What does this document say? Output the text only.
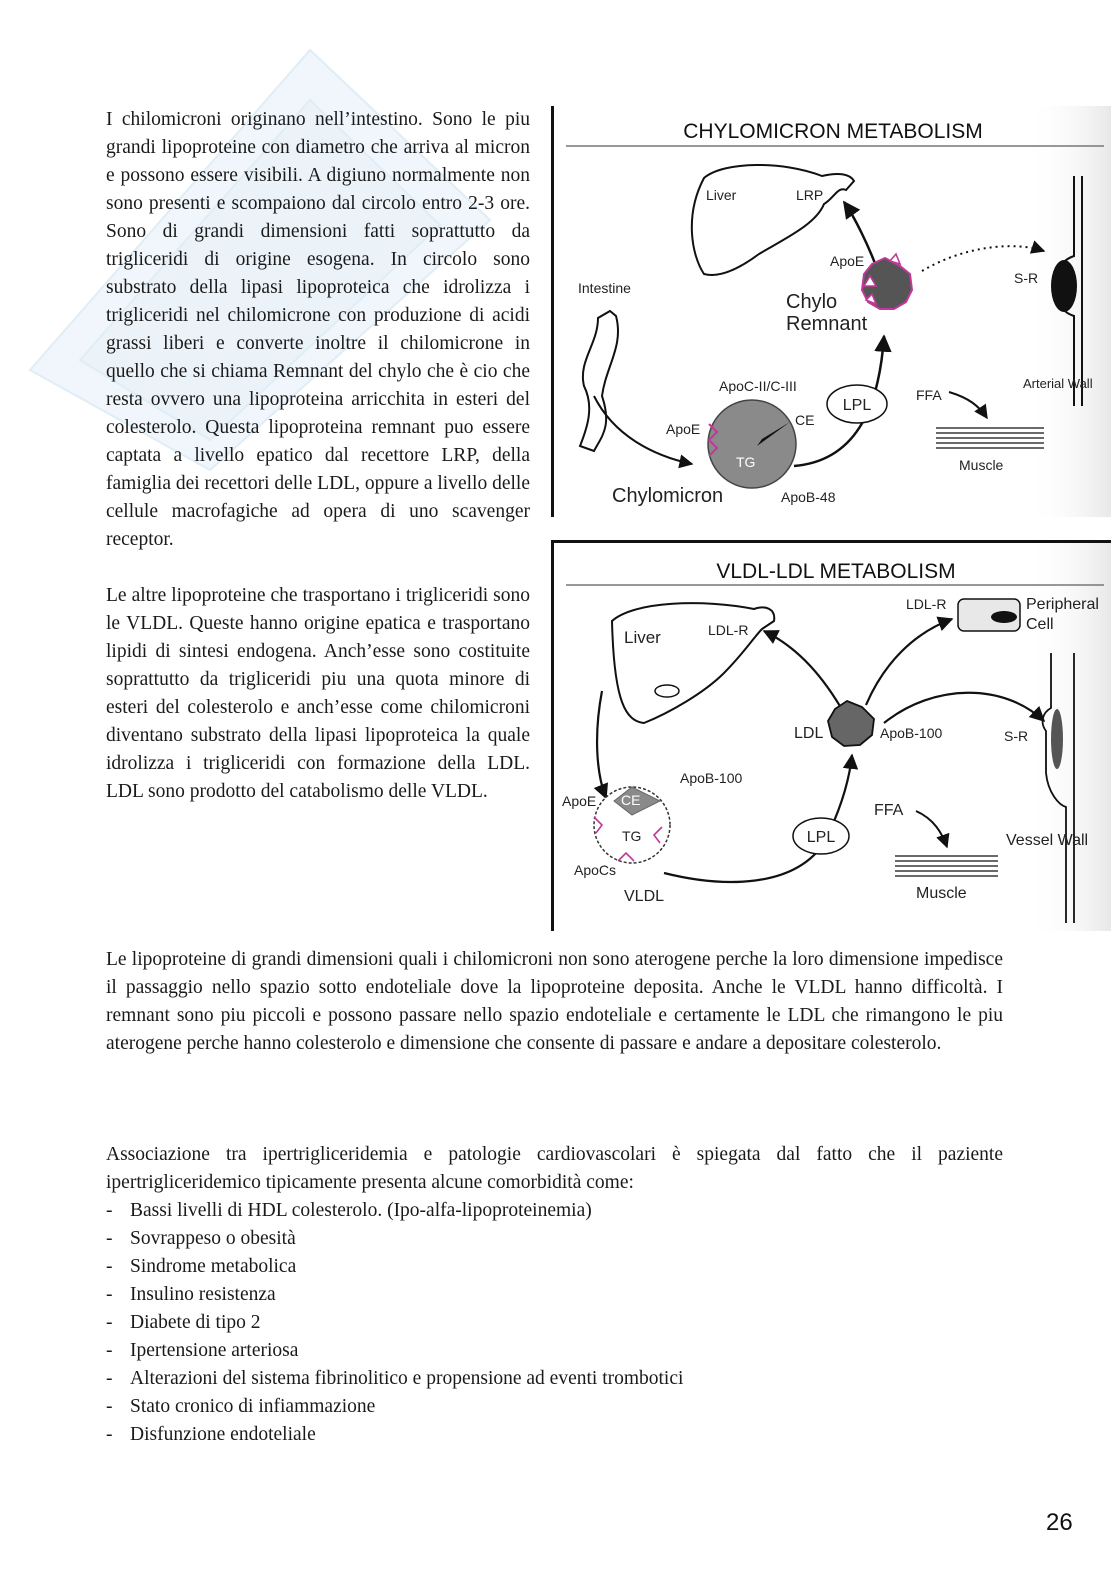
I chilomicroni originano nell’intestino. Sono le piu grandi lipoproteine con diametro che arriva al micron e possono essere visibili. A digiuno normalmente non sono presenti e scompaiono dal circolo entro 2-3 ore. Sono di grandi dimensioni fatti soprattutto da trigliceridi di origine esogena. In circolo sono substrato della lipasi lipoproteica che idrolizza i trigliceridi nel chilomicrone con produzione di acidi grassi liberi e converte inoltre il chilomicrone in quello che si chiama Remnant del chylo che è cio che resta ovvero una lipoproteina arricchita in esteri del colesterolo. Questa lipoproteina remnant puo essere captata a livello epatico dal recettore LRP, della famiglia dei recettori delle LDL, oppure a livello delle cellule macrofagiche ad opera di uno scavenger receptor.

Le altre lipoproteine che trasportano i trigliceridi sono le VLDL. Queste hanno origine epatica e trasportano lipidi di sintesi endogena. Anch’esse sono costituite soprattutto da trigliceridi piu una quota minore di esteri del colesterolo e anch’esse come chilomicroni diventano substrato della lipasi lipoproteica la quale idrolizza i trigliceridi con formazione della LDL. LDL sono prodotto del catabolismo delle VLDL.

CHYLOMICRON METABOLISM
Liver	LRP
ApoE
S-R
Arterial Wall
Intestine
Chylo
Remnant
ApoC-II/C-III
LPL
FFA
Muscle
ApoE
CE
TG
Chylomicron	ApoB-48
VLDL-LDL METABOLISM
Liver	LDL-R
LDL-R	Peripheral
Cell
LDL	ApoB-100	S-R
Vessel Wall
CE
TG
ApoB-100
ApoE
ApoCs
VLDL
LPL
FFA
Muscle

Le lipoproteine di grandi dimensioni quali i chilomicroni non sono aterogene perche la loro dimensione impedisce il passaggio nello spazio sotto endoteliale dove la lipoproteine deposita. Anche le VLDL hanno difficoltà. I remnant sono piu piccoli e possono passare nello spazio endoteliale e certamente le LDL che rimangono le piu aterogene perche hanno colesterolo e dimensione che consente di passare e andare a depositare colesterolo.

Associazione tra ipertrigliceridemia e patologie cardiovascolari è spiegata dal fatto che il paziente ipertrigliceridemico tipicamente presenta alcune comorbidità come:

- Bassi livelli di HDL colesterolo. (Ipo-alfa-lipoproteinemia)
- Sovrappeso o obesità
- Sindrome metabolica
- Insulino resistenza
- Diabete di tipo 2
- Ipertensione arteriosa
- Alterazioni del sistema fibrinolitico e propensione ad eventi trombotici
- Stato cronico di infiammazione
- Disfunzione endoteliale
26
